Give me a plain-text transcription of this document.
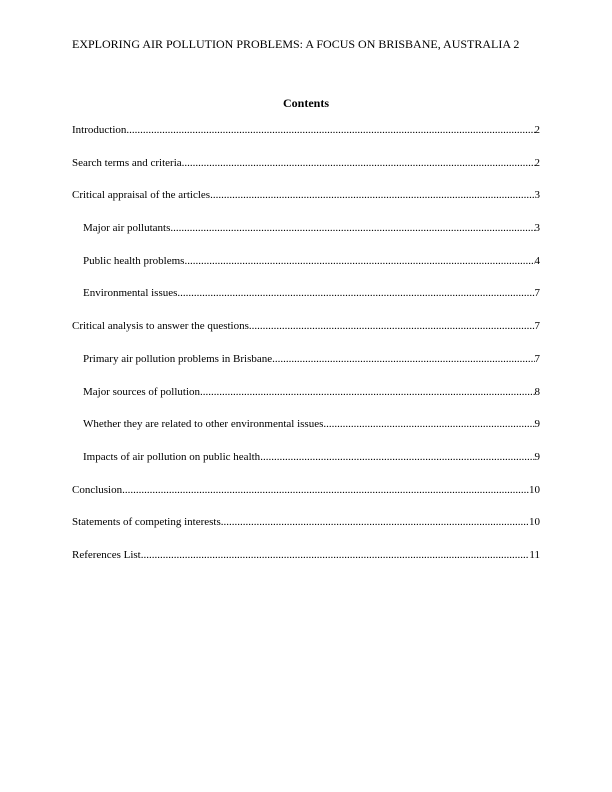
EXPLORING AIR POLLUTION PROBLEMS: A FOCUS ON BRISBANE, AUSTRALIA 2
Contents
Introduction .....	2
Search terms and criteria .....	2
Critical appraisal of the articles .....	3
Major air pollutants .....	3
Public health problems .....	4
Environmental issues .....	7
Critical analysis to answer the questions .....	7
Primary air pollution problems in Brisbane .....	7
Major sources of pollution .....	8
Whether they are related to other environmental issues .....	9
Impacts of air pollution on public health .....	9
Conclusion .....	10
Statements of competing interests .....	10
References List .....	11
